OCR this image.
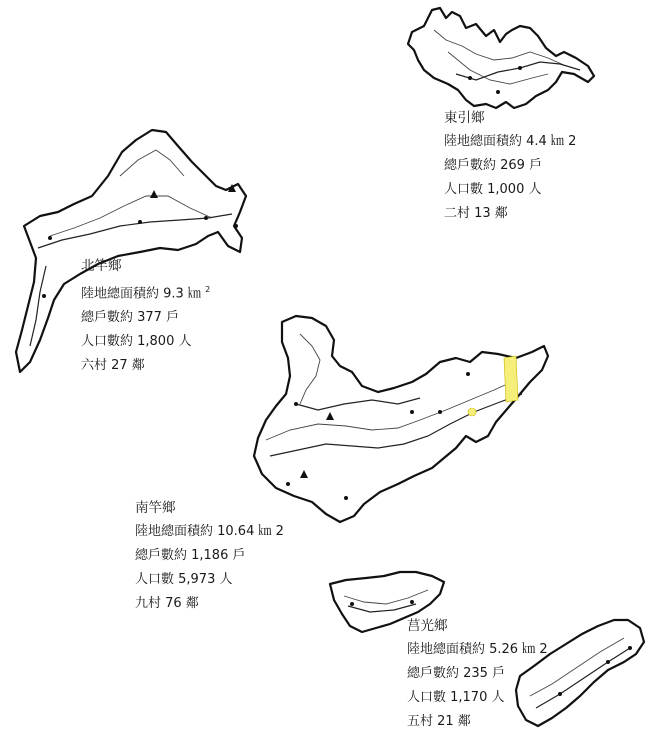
東引鄉
陸地總面積約 4.4 ㎞ 2
總戶數約 269 戶
人口數 1,000 人
二村 13 鄰
北竿鄉
陸地總面積約 9.3 ㎞ $^2$
總戶數約 377 戶
人口數約 1,800 人
六村 27 鄰
南竿鄉
陸地總面積約 10.64 ㎞ 2
總戶數約 1,186 戶
人口數 5,973 人
九村 76 鄰
莒光鄉
陸地總面積約 5.26 ㎞ 2
總戶數約 235 戶
人口數 1,170 人
五村 21 鄰
